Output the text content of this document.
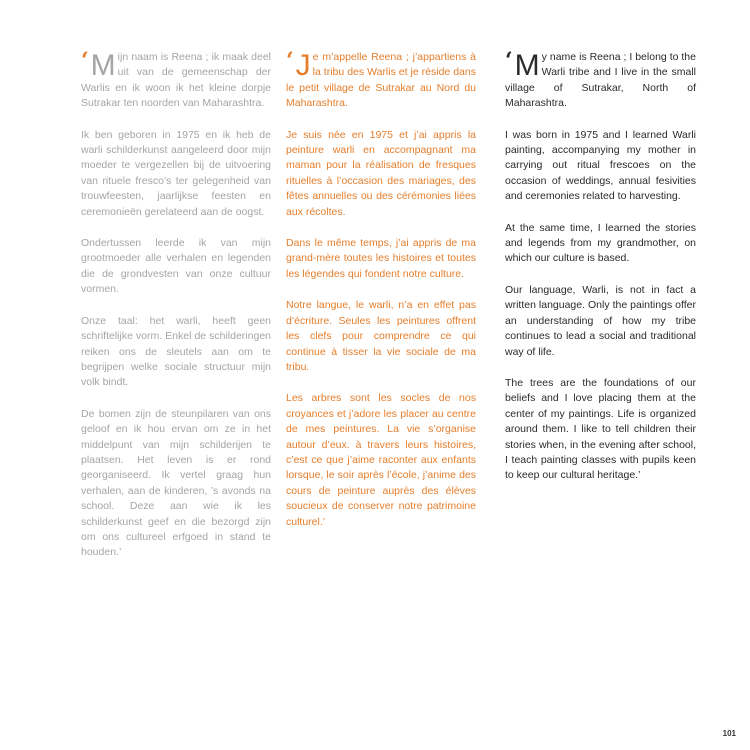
‘ M ijn naam is Reena ; ik maak deel uit van de gemeenschap der Warlis en ik woon ik het kleine dorpje Sutrakar ten noorden van Maharashtra.

Ik ben geboren in 1975 en ik heb de warli schilderkunst aangeleerd door mijn moeder te vergezellen bij de uitvoering van rituele fresco’s ter gelegenheid van trouwfeesten, jaarlijkse feesten en ceremonieën gerelateerd aan de oogst.

Ondertussen leerde ik van mijn grootmoeder alle verhalen en legenden die de grondvesten van onze cultuur vormen.

Onze taal: het warli, heeft geen schriftelijke vorm. Enkel de schilderingen reiken ons de sleutels aan om te begrijpen welke sociale structuur mijn volk bindt.

De bomen zijn de steunpilaren van ons geloof en ik hou ervan om ze in het middelpunt van mijn schilderijen te plaatsen. Het leven is er rond georganiseerd. Ik vertel graag hun verhalen, aan de kinderen, ’s avonds na school. Deze aan wie ik les schilderkunst geef en die bezorgd zijn om ons cultureel erfgoed in stand te houden.’

‘ J e m’appelle Reena ; j’appartiens à la tribu des Warlis et je réside dans le petit village de Sutrakar au Nord du Maharashtra.

Je suis née en 1975 et j’ai appris la peinture warli en accompagnant ma maman pour la réalisation de fresques rituelles à l’occasion des mariages, des fêtes annuelles ou des cérémonies liées aux récoltes.

Dans le même temps, j’ai appris de ma grand-mère toutes les histoires et toutes les légendes qui fondent notre culture.

Notre langue, le warli, n’a en effet pas d’écriture. Seules les peintures offrent les clefs pour comprendre ce qui continue à tisser la vie sociale de ma tribu.

Les arbres sont les socles de nos croyances et j’adore les placer au centre de mes peintures. La vie s’organise autour d’eux. à travers leurs histoires, c’est ce que j’aime raconter aux enfants lorsque, le soir après l’école, j’anime des cours de peinture auprès des élèves soucieux de conserver notre patrimoine culturel.’

‘ M y name is Reena ; I belong to the Warli tribe and I live in the small village of Sutrakar, North of Maharashtra.

I was born in 1975 and I learned Warli painting, accompanying my mother in carrying out ritual frescoes on the occasion of weddings, annual fesivities and ceremonies related to harvesting.

At the same time, I learned the stories and legends from my grandmother, on which our culture is based.

Our language, Warli, is not in fact a written language. Only the paintings offer an understanding of how my tribe continues to lead a social and traditional way of life.

The trees are the foundations of our beliefs and I love placing them at the center of my paintings. Life is organized around them. I like to tell children their stories when, in the evening after school, I teach painting classes with pupils keen to keep our cultural heritage.’

101
